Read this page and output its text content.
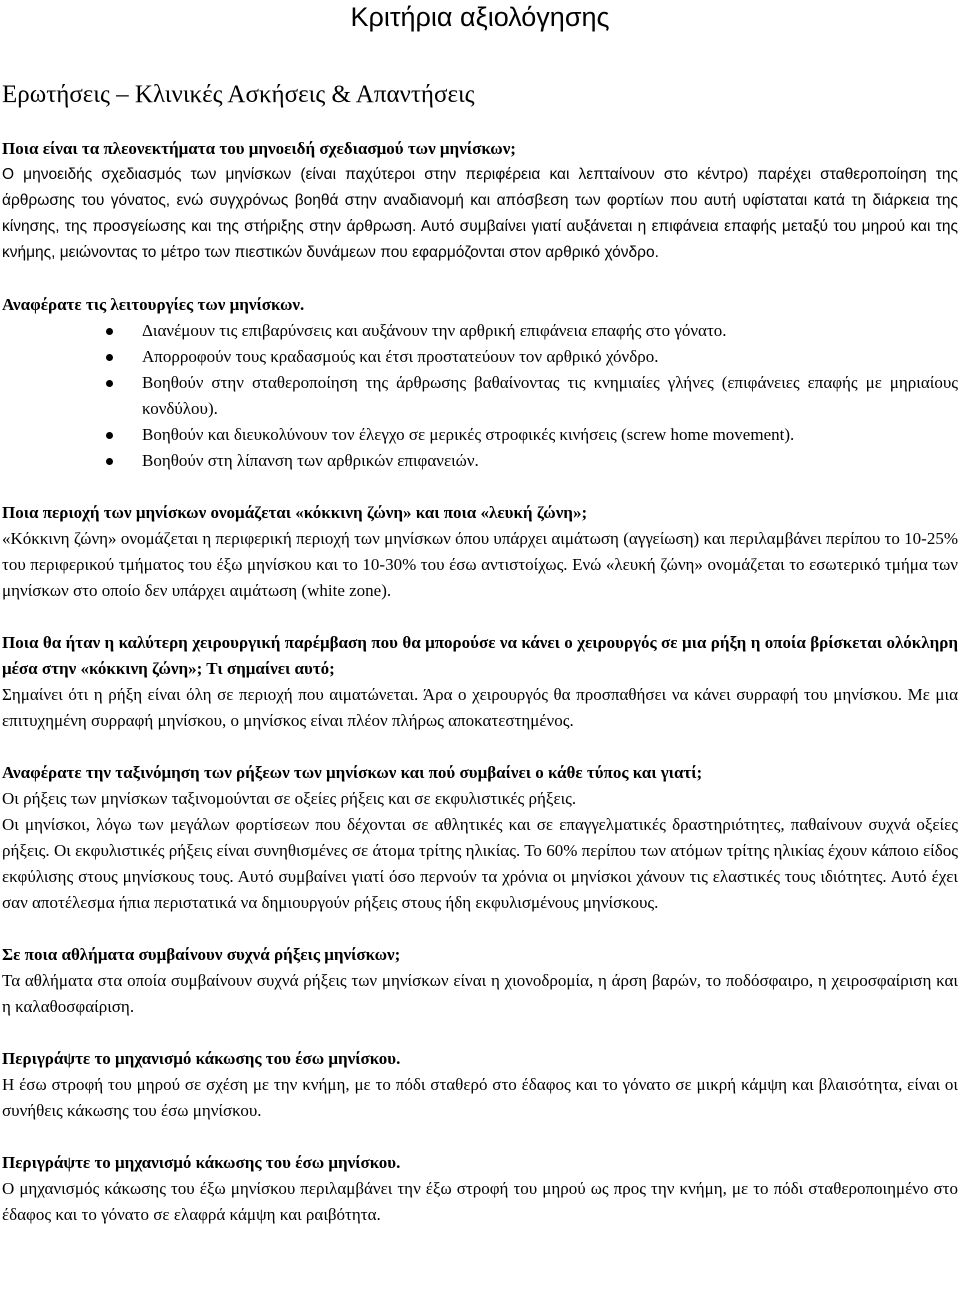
Κριτήρια αξιολόγησης
Ερωτήσεις – Κλινικές Ασκήσεις & Απαντήσεις
Ποια είναι τα πλεονεκτήματα του μηνοειδή σχεδιασμού των μηνίσκων;
Ο μηνοειδής σχεδιασμός των μηνίσκων (είναι παχύτεροι στην περιφέρεια και λεπταίνουν στο κέντρο) παρέχει σταθεροποίηση της άρθρωσης του γόνατος, ενώ συγχρόνως βοηθά στην αναδιανομή και απόσβεση των φορτίων που αυτή υφίσταται κατά τη διάρκεια της κίνησης, της προσγείωσης και της στήριξης στην άρθρωση. Αυτό συμβαίνει γιατί αυξάνεται η επιφάνεια επαφής μεταξύ του μηρού και της κνήμης, μειώνοντας το μέτρο των πιεστικών δυνάμεων που εφαρμόζονται στον αρθρικό χόνδρο.
Αναφέρατε τις λειτουργίες των μηνίσκων.
Διανέμουν τις επιβαρύνσεις και αυξάνουν την αρθρική επιφάνεια επαφής στο γόνατο.
Απορροφούν τους κραδασμούς και έτσι προστατεύουν τον αρθρικό χόνδρο.
Βοηθούν στην σταθεροποίηση της άρθρωσης βαθαίνοντας τις κνημιαίες γλήνες (επιφάνειες επαφής με μηριαίους κονδύλου).
Βοηθούν και διευκολύνουν τον έλεγχο σε μερικές στροφικές κινήσεις (screw home movement).
Βοηθούν στη λίπανση των αρθρικών επιφανειών.
Ποια περιοχή των μηνίσκων ονομάζεται «κόκκινη ζώνη» και ποια «λευκή ζώνη»;
«Κόκκινη ζώνη» ονομάζεται η περιφερική περιοχή των μηνίσκων όπου υπάρχει αιμάτωση (αγγείωση) και περιλαμβάνει περίπου το 10-25% του περιφερικού τμήματος του έξω μηνίσκου και το 10-30% του έσω αντιστοίχως. Ενώ «λευκή ζώνη» ονομάζεται το εσωτερικό τμήμα των μηνίσκων στο οποίο δεν υπάρχει αιμάτωση (white zone).
Ποια θα ήταν η καλύτερη χειρουργική παρέμβαση που θα μπορούσε να κάνει ο χειρουργός σε μια ρήξη η οποία βρίσκεται ολόκληρη μέσα στην «κόκκινη ζώνη»; Τι σημαίνει αυτό;
Σημαίνει ότι η ρήξη είναι όλη σε περιοχή που αιματώνεται. Άρα ο χειρουργός θα προσπαθήσει να κάνει συρραφή του μηνίσκου. Με μια επιτυχημένη συρραφή μηνίσκου, ο μηνίσκος είναι πλέον πλήρως αποκατεστημένος.
Αναφέρατε την ταξινόμηση των ρήξεων των μηνίσκων και πού συμβαίνει ο κάθε τύπος και γιατί;
Οι ρήξεις των μηνίσκων ταξινομούνται σε οξείες ρήξεις και σε εκφυλιστικές ρήξεις.
Οι μηνίσκοι, λόγω των μεγάλων φορτίσεων που δέχονται σε αθλητικές και σε επαγγελματικές δραστηριότητες, παθαίνουν συχνά οξείες ρήξεις. Οι εκφυλιστικές ρήξεις είναι συνηθισμένες σε άτομα τρίτης ηλικίας. Το 60% περίπου των ατόμων τρίτης ηλικίας έχουν κάποιο είδος εκφύλισης στους μηνίσκους τους. Αυτό συμβαίνει γιατί όσο περνούν τα χρόνια οι μηνίσκοι χάνουν τις ελαστικές τους ιδιότητες. Αυτό έχει σαν αποτέλεσμα ήπια περιστατικά να δημιουργούν ρήξεις στους ήδη εκφυλισμένους μηνίσκους.
Σε ποια αθλήματα συμβαίνουν συχνά ρήξεις μηνίσκων;
Τα αθλήματα στα οποία συμβαίνουν συχνά ρήξεις των μηνίσκων είναι η χιονοδρομία, η άρση βαρών, το ποδόσφαιρο, η χειροσφαίριση και η καλαθοσφαίριση.
Περιγράψτε το μηχανισμό κάκωσης του έσω μηνίσκου.
Η έσω στροφή του μηρού σε σχέση με την κνήμη, με το πόδι σταθερό στο έδαφος και το γόνατο σε μικρή κάμψη και βλαισότητα, είναι οι συνήθεις κάκωσης του έσω μηνίσκου.
Περιγράψτε το μηχανισμό κάκωσης του έσω μηνίσκου.
Ο μηχανισμός κάκωσης του έξω μηνίσκου περιλαμβάνει την έξω στροφή του μηρού ως προς την κνήμη, με το πόδι σταθεροποιημένο στο έδαφος και το γόνατο σε ελαφρά κάμψη και ραιβότητα.
